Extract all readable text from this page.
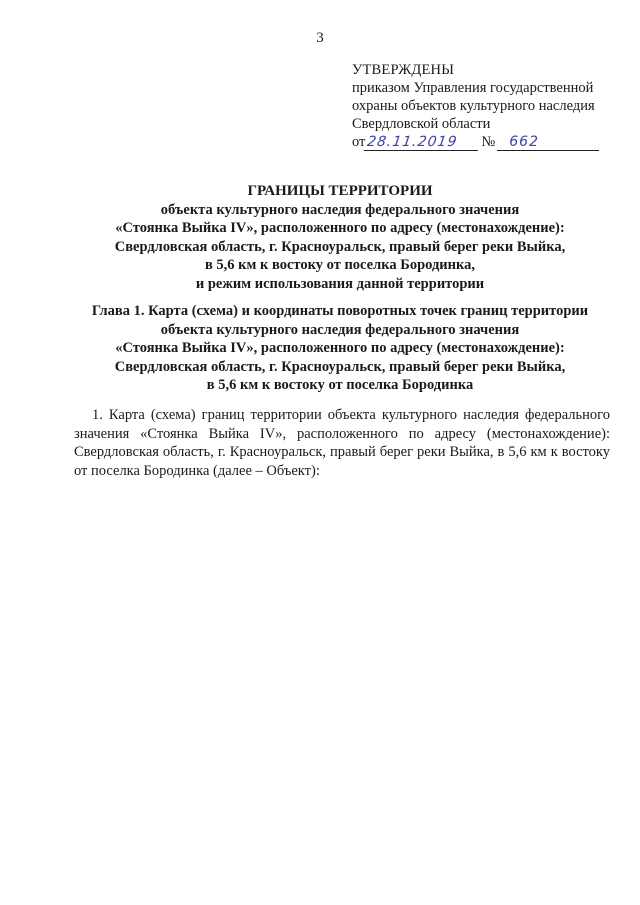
3
УТВЕРЖДЕНЫ
приказом Управления государственной
охраны объектов культурного наследия
Свердловской области
от 28.11.2019	№	662
ГРАНИЦЫ ТЕРРИТОРИИ
объекта культурного наследия федерального значения
«Стоянка Выйка IV», расположенного по адресу (местонахождение):
Свердловская область, г. Красноуральск, правый берег реки Выйка,
в 5,6 км к востоку от поселка Бородинка,
и режим использования данной территории
Глава 1. Карта (схема) и координаты поворотных точек границ территории
объекта культурного наследия федерального значения
«Стоянка Выйка IV», расположенного по адресу (местонахождение):
Свердловская область, г. Красноуральск, правый берег реки Выйка,
в 5,6 км к востоку от поселка Бородинка

1. Карта (схема) границ территории объекта культурного наследия федерального значения «Стоянка Выйка IV», расположенного по адресу (местонахождение): Свердловская область, г. Красноуральск, правый берег реки Выйка, в 5,6 км к востоку от поселка Бородинка (далее – Объект):
